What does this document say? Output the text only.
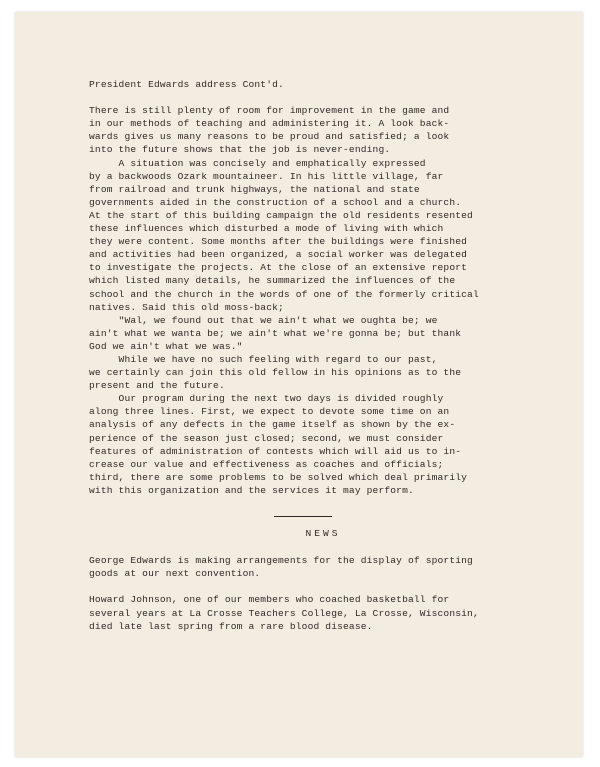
President Edwards address Cont'd.
There is still plenty of room for improvement in the game and
in our methods of teaching and administering it. A look back-
wards gives us many reasons to be proud and satisfied; a look
into the future shows that the job is never-ending.
A situation was concisely and emphatically expressed
by a backwoods Ozark mountaineer. In his little village, far
from railroad and trunk highways, the national and state
governments aided in the construction of a school and a church.
At the start of this building campaign the old residents resented
these influences which disturbed a mode of living with which
they were content. Some months after the buildings were finished
and activities had been organized, a social worker was delegated
to investigate the projects. At the close of an extensive report
which listed many details, he summarized the influences of the
school and the church in the words of one of the formerly critical
natives. Said this old moss-back;
"Wal, we found out that we ain't what we oughta be; we
ain't what we wanta be; we ain't what we're gonna be; but thank
God we ain't what we was."
While we have no such feeling with regard to our past,
we certainly can join this old fellow in his opinions as to the
present and the future.
Our program during the next two days is divided roughly
along three lines. First, we expect to devote some time on an
analysis of any defects in the game itself as shown by the ex-
perience of the season just closed; second, we must consider
features of administration of contests which will aid us to in-
crease our value and effectiveness as coaches and officials;
third, there are some problems to be solved which deal primarily
with this organization and the services it may perform.
NEWS
George Edwards is making arrangements for the display of sporting
goods at our next convention.
Howard Johnson, one of our members who coached basketball for
several years at La Crosse Teachers College, La Crosse, Wisconsin,
died late last spring from a rare blood disease.
